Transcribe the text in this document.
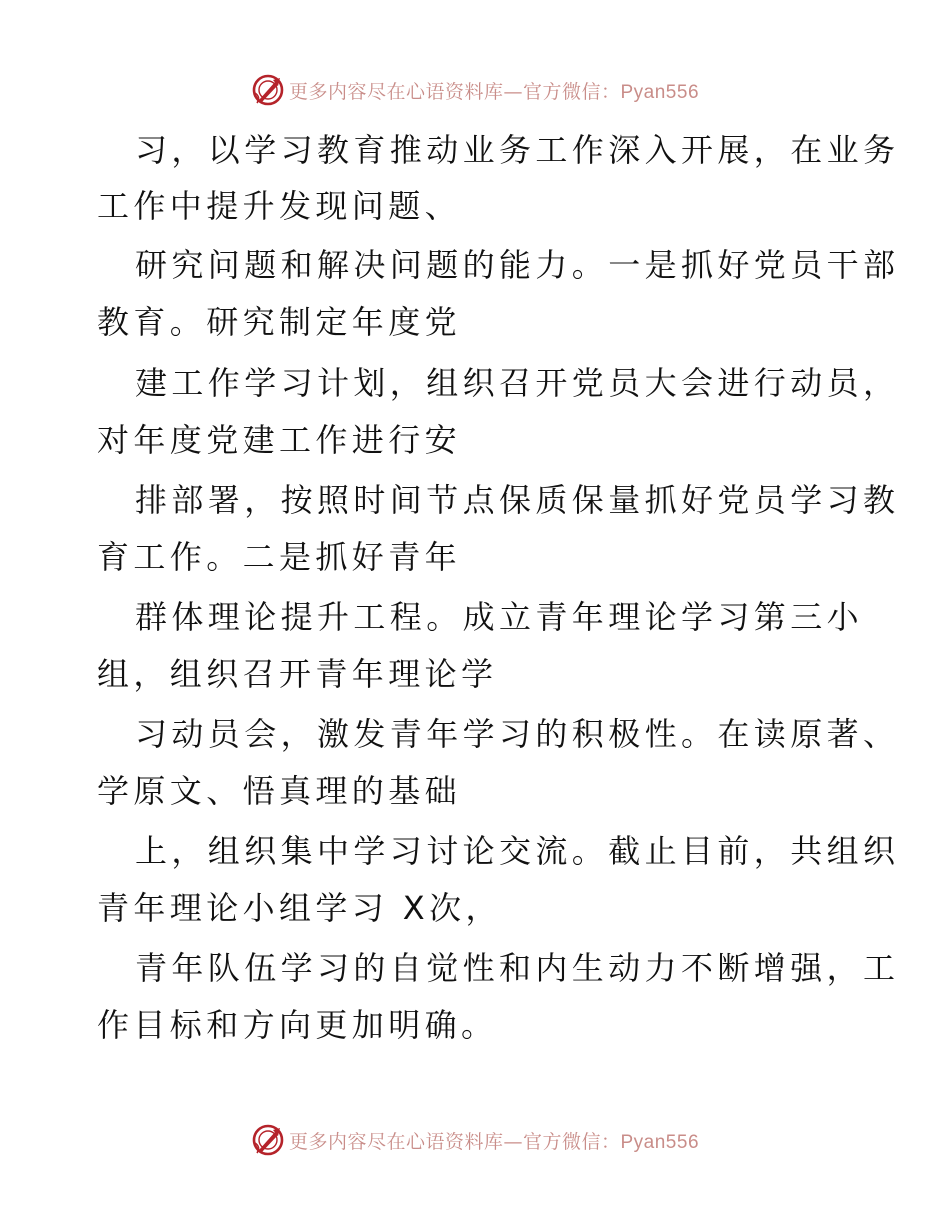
更多内容尽在心语资料库—官方微信：Pyan556
习，以学习教育推动业务工作深入开展，在业务
工作中提升发现问题、
研究问题和解决问题的能力。一是抓好党员干部
教育。研究制定年度党
建工作学习计划，组织召开党员大会进行动员，
对年度党建工作进行安
排部署，按照时间节点保质保量抓好党员学习教
育工作。二是抓好青年
群体理论提升工程。成立青年理论学习第三小
组，组织召开青年理论学
习动员会，激发青年学习的积极性。在读原著、
学原文、悟真理的基础
上，组织集中学习讨论交流。截止目前，共组织
青年理论小组学习 X次，
青年队伍学习的自觉性和内生动力不断增强，工
作目标和方向更加明确。
更多内容尽在心语资料库—官方微信：Pyan556
